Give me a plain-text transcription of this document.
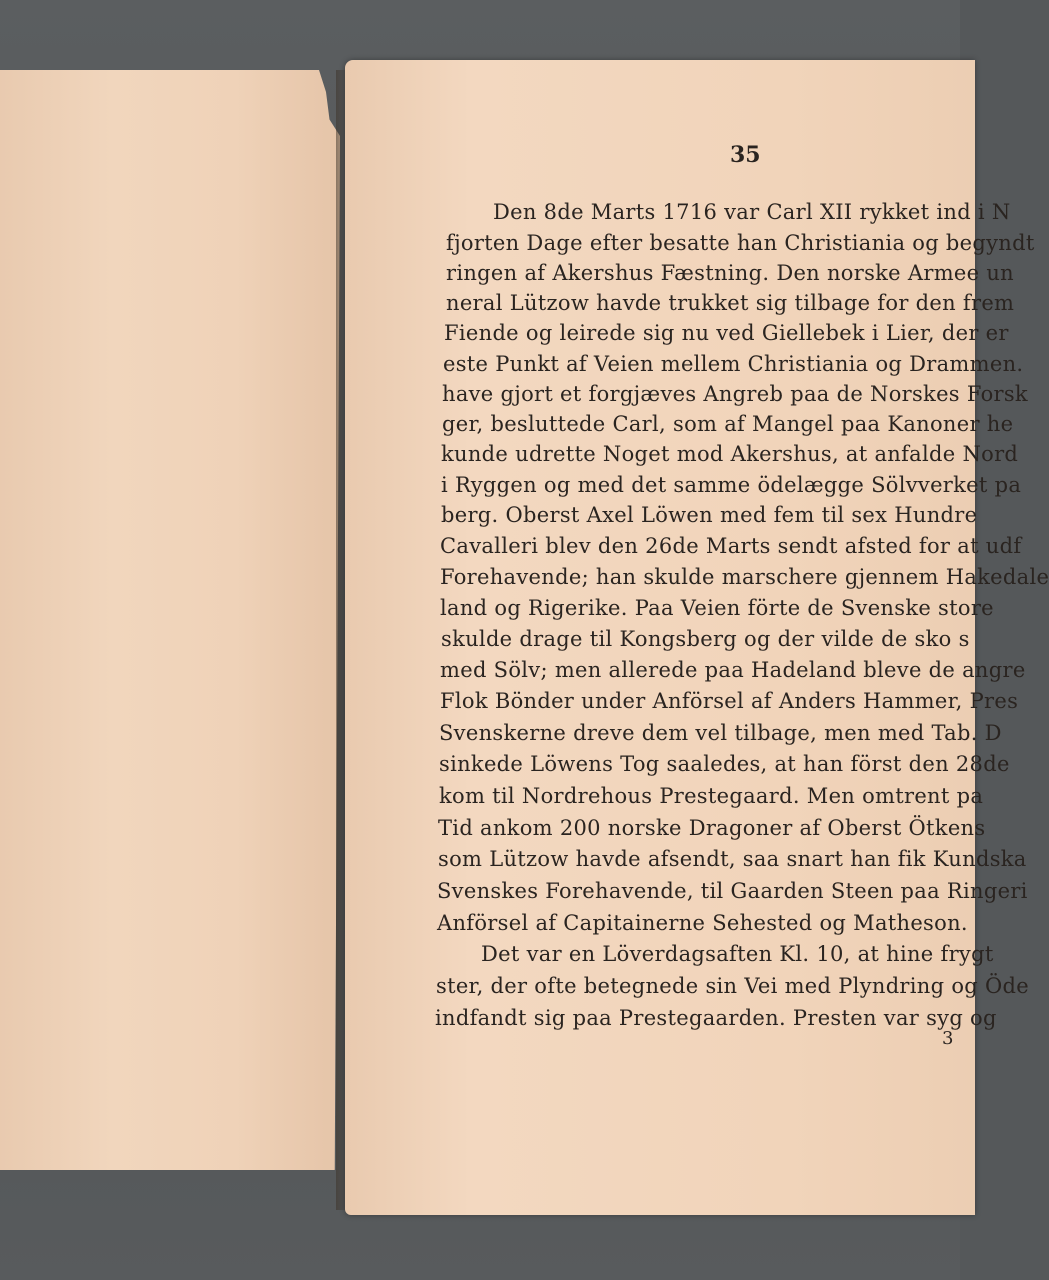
35
Den 8de Marts 1716 var Carl XII rykket ind i N
fjorten Dage efter besatte han Christiania og begyndt
ringen af Akershus Fæstning. Den norske Armee un
neral Lützow havde trukket sig tilbage for den frem
Fiende og leirede sig nu ved Giellebek i Lier, der er
este Punkt af Veien mellem Christiania og Drammen.
have gjort et forgjæves Angreb paa de Norskes Forsk
ger, besluttede Carl, som af Mangel paa Kanoner he
kunde udrette Noget mod Akershus, at anfalde Nord
i Ryggen og med det samme ödelægge Sölvverket pa
berg. Oberst Axel Löwen med fem til sex Hundre
Cavalleri blev den 26de Marts sendt afsted for at udf
Forehavende; han skulde marschere gjennem Hakedale
land og Rigerike. Paa Veien förte de Svenske store
skulde drage til Kongsberg og der vilde de sko s
med Sölv; men allerede paa Hadeland bleve de angre
Flok Bönder under Anförsel af Anders Hammer, Pres
Svenskerne dreve dem vel tilbage, men med Tab. D
sinkede Löwens Tog saaledes, at han först den 28de
kom til Nordrehous Prestegaard. Men omtrent pa
Tid ankom 200 norske Dragoner af Oberst Ötkens
som Lützow havde afsendt, saa snart han fik Kundska
Svenskes Forehavende, til Gaarden Steen paa Ringeri
Anförsel af Capitainerne Sehested og Matheson.
Det var en Löverdagsaften Kl. 10, at hine frygt
ster, der ofte betegnede sin Vei med Plyndring og Öde
indfandt sig paa Prestegaarden. Presten var syg og
3
